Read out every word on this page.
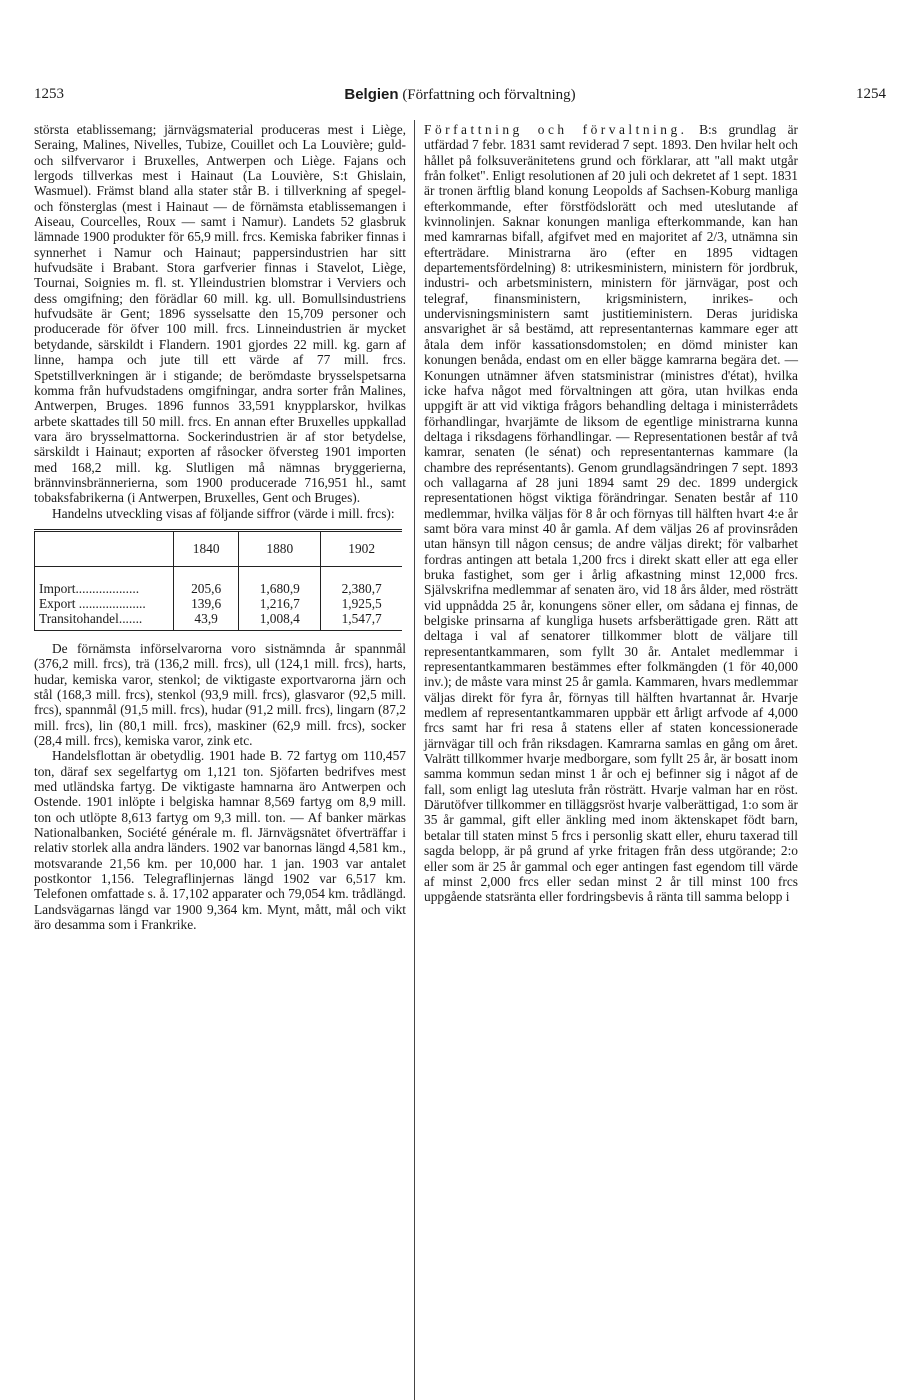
1253	Belgien (Författning och förvaltning)	1254

största etablissemang; järnvägsmaterial produceras mest i Liège, Seraing, Malines, Nivelles, Tubize, Couillet och La Louvière; guld- och silfvervaror i Bruxelles, Antwerpen och Liège. Fajans och lergods tillverkas mest i Hainaut (La Louvière, S:t Ghislain, Wasmuel). Främst bland alla stater står B. i tillverkning af spegel- och fönsterglas (mest i Hainaut — de förnämsta etablissemangen i Aiseau, Courcelles, Roux — samt i Namur). Landets 52 glasbruk lämnade 1900 produkter för 65,9 mill. frcs. Kemiska fabriker finnas i synnerhet i Namur och Hainaut; pappersindustrien har sitt hufvudsäte i Brabant. Stora garfverier finnas i Stavelot, Liège, Tournai, Soignies m. fl. st. Ylleindustrien blomstrar i Verviers och dess omgifning; den förädlar 60 mill. kg. ull. Bomullsindustriens hufvudsäte är Gent; 1896 sysselsatte den 15,709 personer och producerade för öfver 100 mill. frcs. Linneindustrien är mycket betydande, särskildt i Flandern. 1901 gjordes 22 mill. kg. garn af linne, hampa och jute till ett värde af 77 mill. frcs. Spetstillverkningen är i stigande; de berömdaste brysselspetsarna komma från hufvudstadens omgifningar, andra sorter från Malines, Antwerpen, Bruges. 1896 funnos 33,591 knypplarskor, hvilkas arbete skattades till 50 mill. frcs. En annan efter Bruxelles uppkallad vara äro brysselmattorna. Sockerindustrien är af stor betydelse, särskildt i Hainaut; exporten af råsocker öfversteg 1901 importen med 168,2 mill. kg. Slutligen må nämnas bryggerierna, brännvinsbrännerierna, som 1900 producerade 716,951 hl., samt tobaksfabrikerna (i Antwerpen, Bruxelles, Gent och Bruges).

Handelns utveckling visas af följande siffror (värde i mill. frcs):

	1840	1880	1902
Import...................	205,6	1,680,9	2,380,7
Export ....................	139,6	1,216,7	1,925,5
Transitohandel.......	43,9	1,008,4	1,547,7

De förnämsta införselvarorna voro sistnämnda år spannmål (376,2 mill. frcs), trä (136,2 mill. frcs), ull (124,1 mill. frcs), harts, hudar, kemiska varor, stenkol; de viktigaste exportvarorna järn och stål (168,3 mill. frcs), stenkol (93,9 mill. frcs), glasvaror (92,5 mill. frcs), spannmål (91,5 mill. frcs), hudar (91,2 mill. frcs), lingarn (87,2 mill. frcs), lin (80,1 mill. frcs), maskiner (62,9 mill. frcs), socker (28,4 mill. frcs), kemiska varor, zink etc.

Handelsflottan är obetydlig. 1901 hade B. 72 fartyg om 110,457 ton, däraf sex segelfartyg om 1,121 ton. Sjöfarten bedrifves mest med utländska fartyg. De viktigaste hamnarna äro Antwerpen och Ostende. 1901 inlöpte i belgiska hamnar 8,569 fartyg om 8,9 mill. ton och utlöpte 8,613 fartyg om 9,3 mill. ton. — Af banker märkas Nationalbanken, Société générale m. fl. Järnvägsnätet öfverträffar i relativ storlek alla andra länders. 1902 var banornas längd 4,581 km., motsvarande 21,56 km. per 10,000 har. 1 jan. 1903 var antalet postkontor 1,156. Telegraflinjernas längd 1902 var 6,517 km. Telefonen omfattade s. å. 17,102 apparater och 79,054 km. trådlängd. Landsvägarnas längd var 1900 9,364 km. Mynt, mått, mål och vikt äro desamma som i Frankrike.

Författning och förvaltning. B:s grundlag är utfärdad 7 febr. 1831 samt reviderad 7 sept. 1893. Den hvilar helt och hållet på folksuveränitetens grund och förklarar, att "all makt utgår från folket". Enligt resolutionen af 20 juli och dekretet af 1 sept. 1831 är tronen ärftlig bland konung Leopolds af Sachsen-Koburg manliga efterkommande, efter förstfödslorätt och med uteslutande af kvinnolinjen. Saknar konungen manliga efterkommande, kan han med kamrarnas bifall, afgifvet med en majoritet af 2/3, utnämna sin efterträdare. Ministrarna äro (efter en 1895 vidtagen departementsfördelning) 8: utrikesministern, ministern för jordbruk, industri- och arbetsministern, ministern för järnvägar, post och telegraf, finansministern, krigsministern, inrikes- och undervisningsministern samt justitieministern. Deras juridiska ansvarighet är så bestämd, att representanternas kammare eger att åtala dem inför kassationsdomstolen; en dömd minister kan konungen benåda, endast om en eller bägge kamrarna begära det. — Konungen utnämner äfven statsministrar (ministres d'état), hvilka icke hafva något med förvaltningen att göra, utan hvilkas enda uppgift är att vid viktiga frågors behandling deltaga i ministerrådets förhandlingar, hvarjämte de liksom de egentlige ministrarna kunna deltaga i riksdagens förhandlingar. — Representationen består af två kamrar, senaten (le sénat) och representanternas kammare (la chambre des représentants). Genom grundlagsändringen 7 sept. 1893 och vallagarna af 28 juni 1894 samt 29 dec. 1899 undergick representationen högst viktiga förändringar. Senaten består af 110 medlemmar, hvilka väljas för 8 år och förnyas till hälften hvart 4:e år samt böra vara minst 40 år gamla. Af dem väljas 26 af provinsråden utan hänsyn till någon census; de andre väljas direkt; för valbarhet fordras antingen att betala 1,200 frcs i direkt skatt eller att ega eller bruka fastighet, som ger i årlig afkastning minst 12,000 frcs. Självskrifna medlemmar af senaten äro, vid 18 års ålder, med rösträtt vid uppnådda 25 år, konungens söner eller, om sådana ej finnas, de belgiske prinsarna af kungliga husets arfsberättigade gren. Rätt att deltaga i val af senatorer tillkommer blott de väljare till representantkammaren, som fyllt 30 år. Antalet medlemmar i representantkammaren bestämmes efter folkmängden (1 för 40,000 inv.); de måste vara minst 25 år gamla. Kammaren, hvars medlemmar väljas direkt för fyra år, förnyas till hälften hvartannat år. Hvarje medlem af representantkammaren uppbär ett årligt arfvode af 4,000 frcs samt har fri resa å statens eller af staten koncessionerade järnvägar till och från riksdagen. Kamrarna samlas en gång om året. Valrätt tillkommer hvarje medborgare, som fyllt 25 år, är bosatt inom samma kommun sedan minst 1 år och ej befinner sig i något af de fall, som enligt lag utesluta från rösträtt. Hvarje valman har en röst. Därutöfver tillkommer en tilläggsröst hvarje valberättigad, 1:o som är 35 år gammal, gift eller änkling med inom äktenskapet födt barn, betalar till staten minst 5 frcs i personlig skatt eller, ehuru taxerad till sagda belopp, är på grund af yrke fritagen från dess utgörande; 2:o eller som är 25 år gammal och eger antingen fast egendom till värde af minst 2,000 frcs eller sedan minst 2 år till minst 100 frcs uppgående statsränta eller fordringsbevis å ränta till samma belopp i
